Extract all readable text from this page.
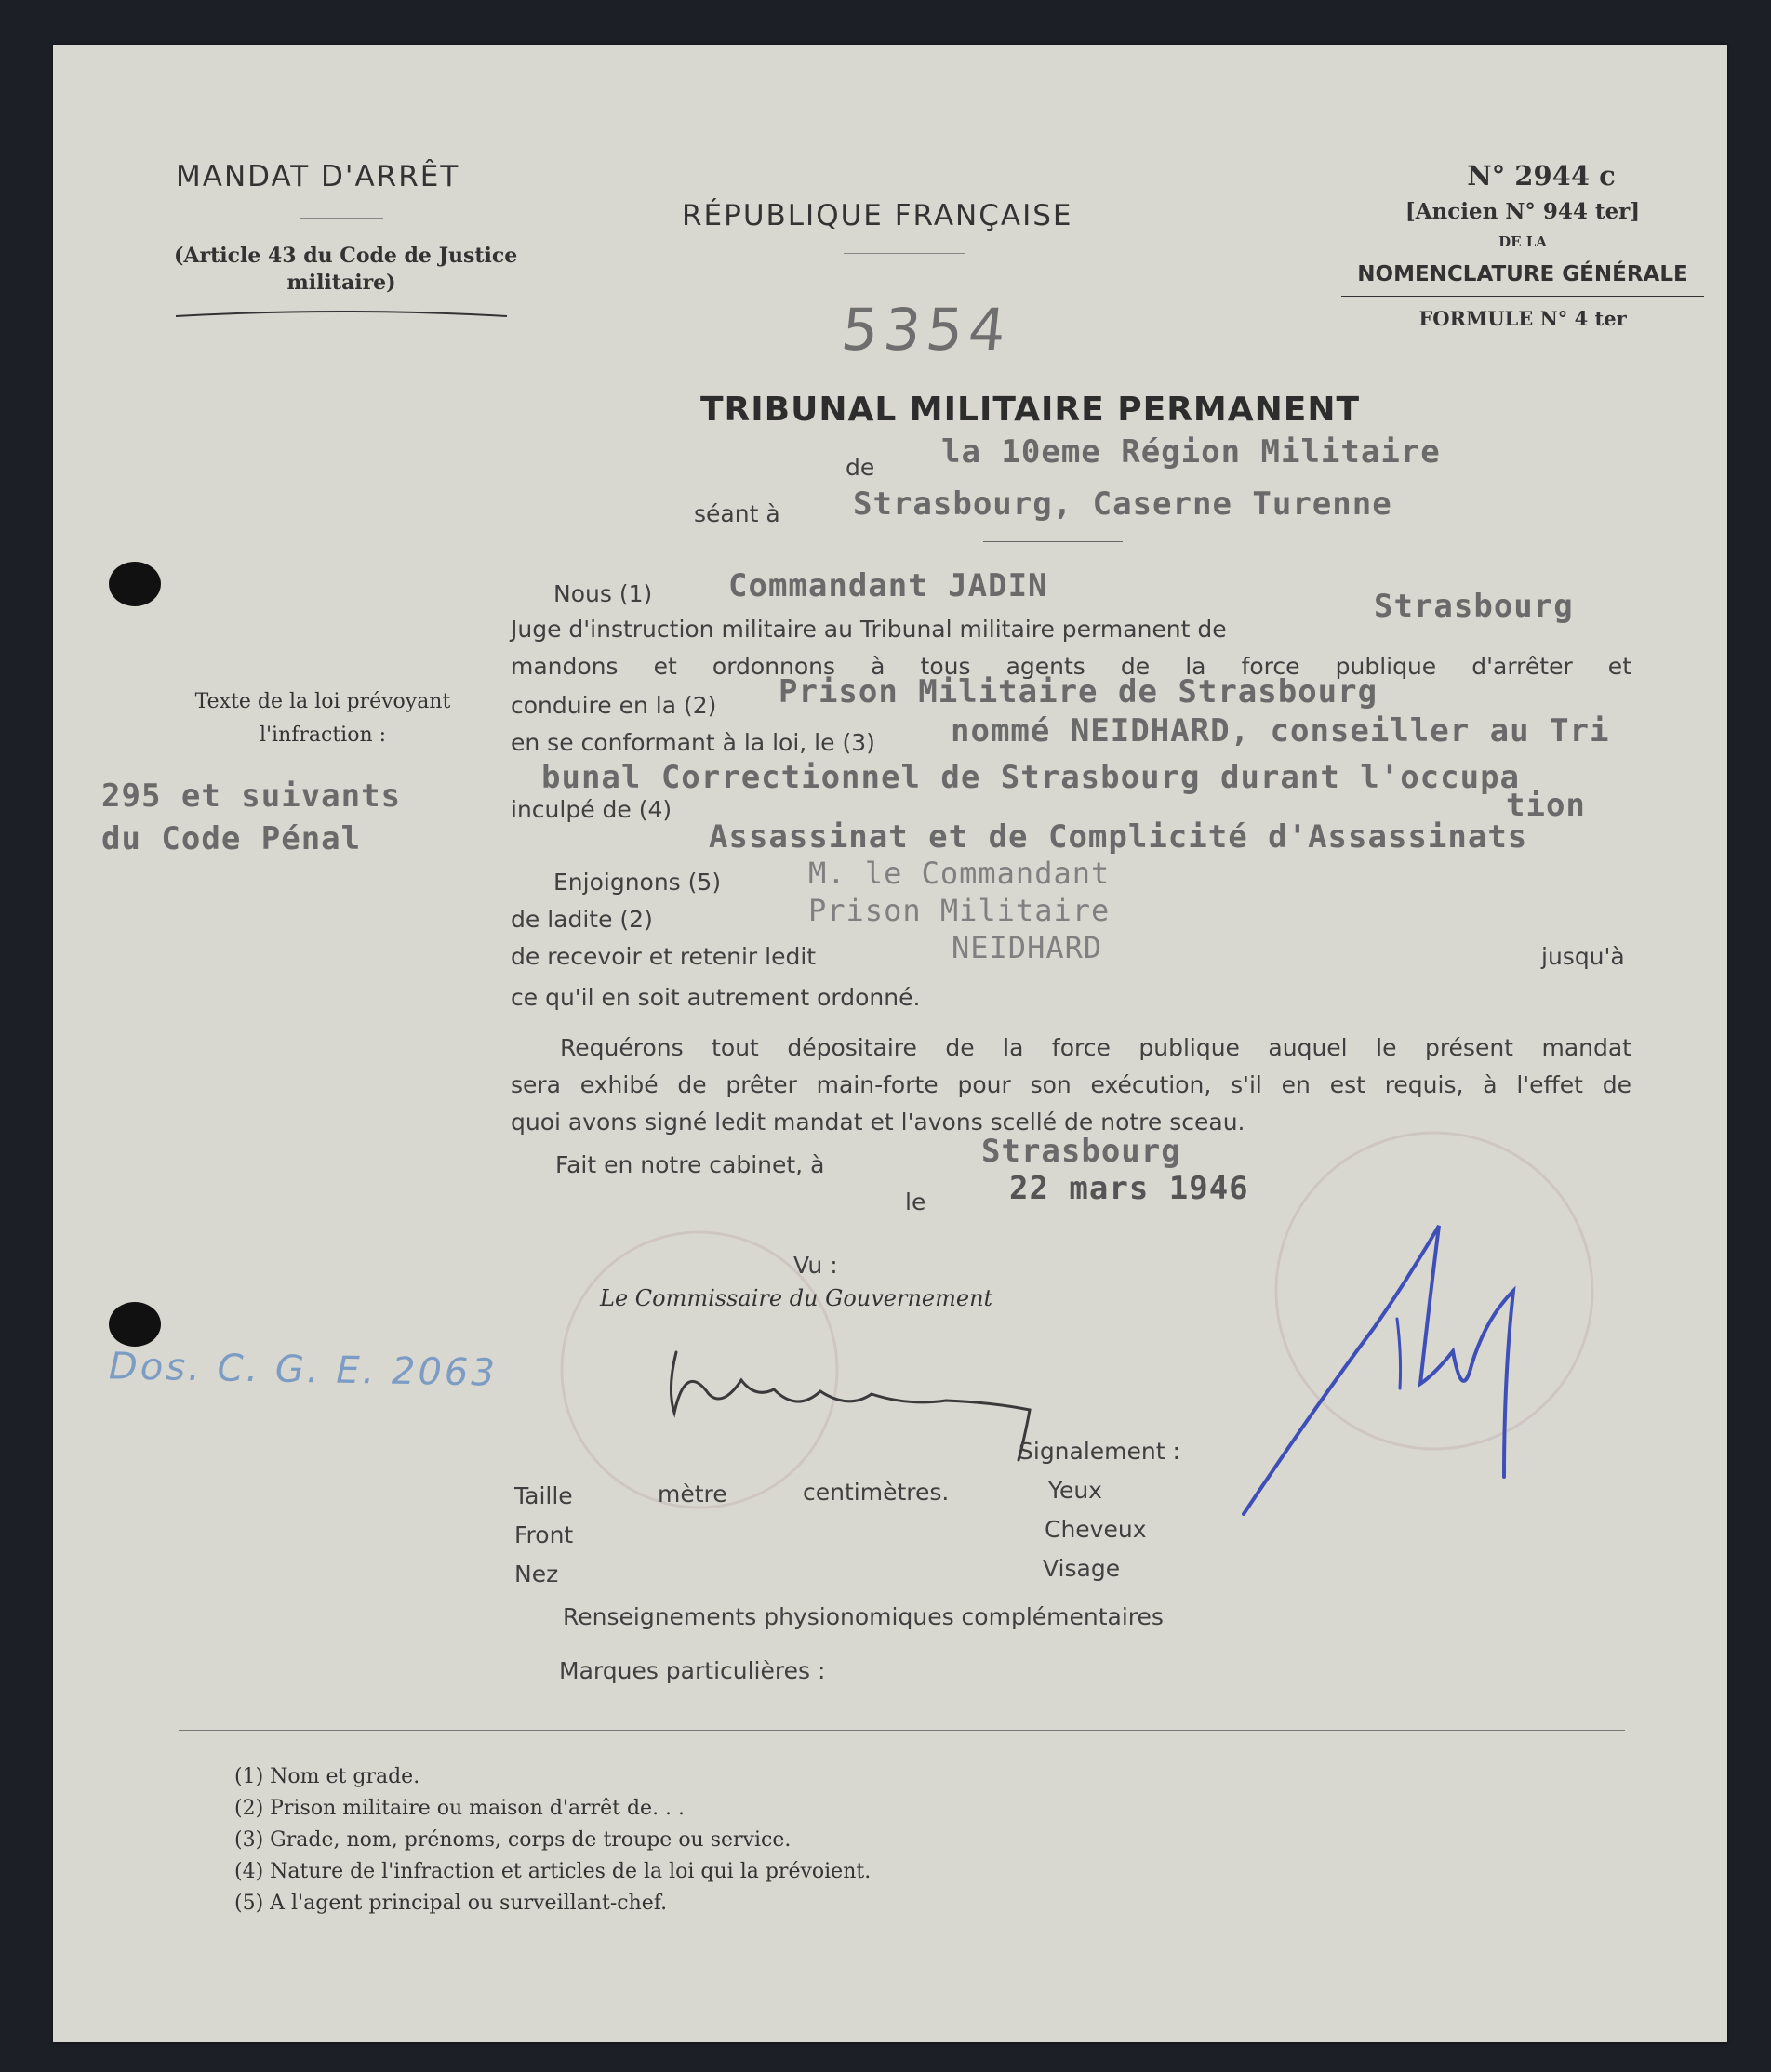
MANDAT D'ARRÊT
(Article 43 du Code de Justice
militaire)
RÉPUBLIQUE FRANÇAISE
N° 2944 c
[Ancien N° 944 ter]
DE LA
NOMENCLATURE GÉNÉRALE
FORMULE N° 4 ter
5354
TRIBUNAL MILITAIRE PERMANENT
de la 10eme Région Militaire
séant à Strasbourg, Caserne Turenne
Texte de la loi prévoyant
l'infraction :
295 et suivants
du Code Pénal
Dos. C. G. E. 2063
Nous (1) Commandant JADIN
Juge d'instruction militaire au Tribunal militaire permanent de
Strasbourg
mandons et ordonnons à tous agents de la force publique d'arrêter et
conduire en la (2) Prison Militaire de Strasbourg
en se conformant à la loi, le (3) nommé NEIDHARD, conseiller au Tri
bunal Correctionnel de Strasbourg durant l'occupa
tion
inculpé de (4)
Assassinat et de Complicité d'Assassinats
Enjoignons (5)	M. le Commandant
de ladite (2)	Prison Militaire
de recevoir et retenir ledit	NEIDHARD	jusqu'à
ce qu'il en soit autrement ordonné.
Requérons tout dépositaire de la force publique auquel le présent mandat
sera exhibé de prêter main-forte pour son exécution, s'il en est requis, à l'effet de
quoi avons signé ledit mandat et l'avons scellé de notre sceau.
Fait en notre cabinet, à	Strasbourg
le	22 mars 1946
Vu :
Le Commissaire du Gouvernement
Signalement :
Taille	mètre	centimètres.	Yeux
Front	Cheveux
Nez	Visage
Renseignements physionomiques complémentaires
Marques particulières :
(1) Nom et grade.
(2) Prison militaire ou maison d'arrêt de. . .
(3) Grade, nom, prénoms, corps de troupe ou service.
(4) Nature de l'infraction et articles de la loi qui la prévoient.
(5) A l'agent principal ou surveillant-chef.
